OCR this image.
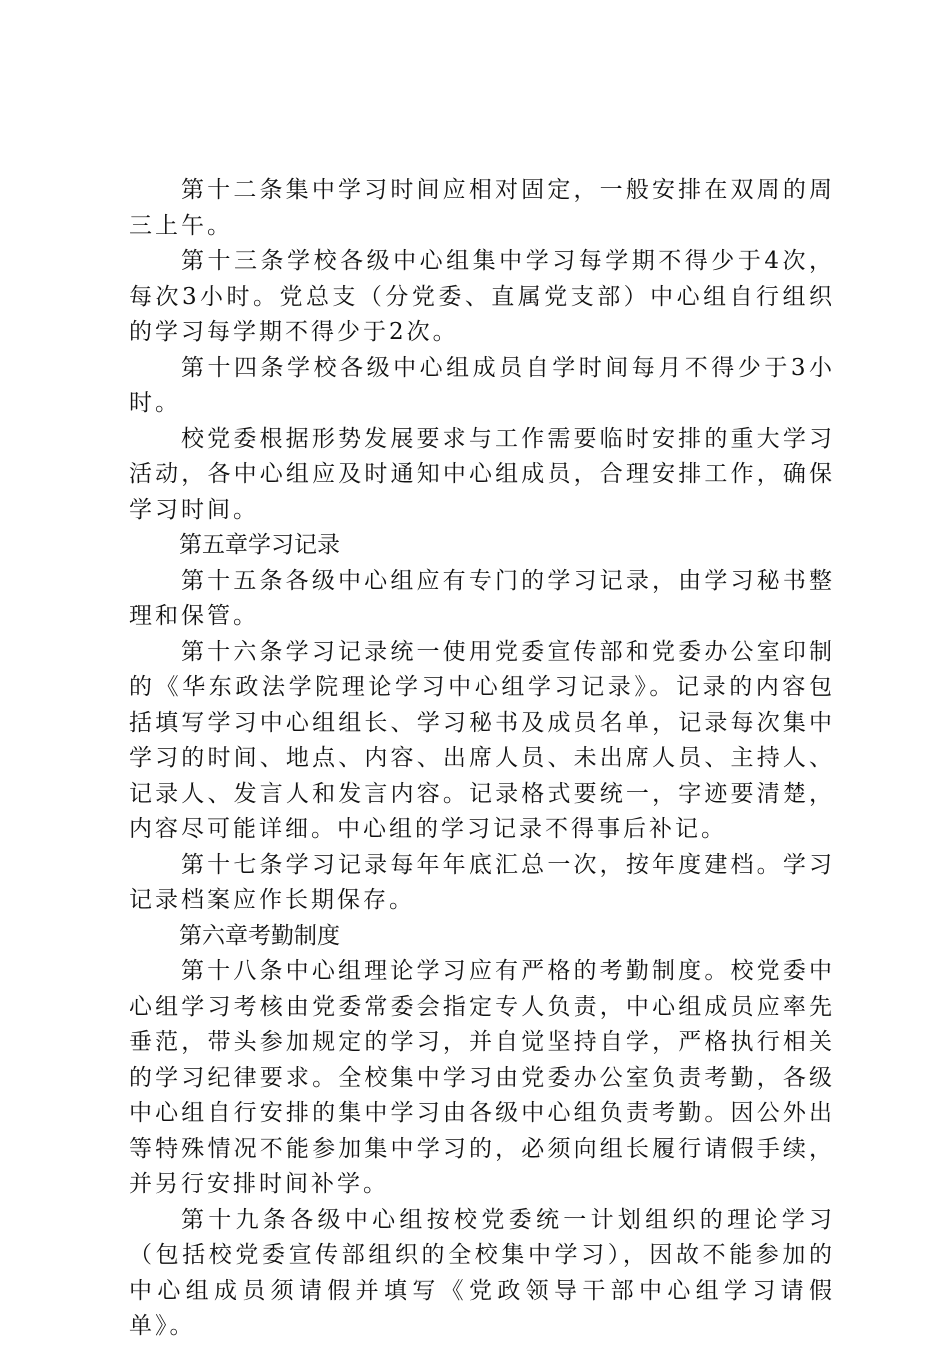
第十二条集中学习时间应相对固定，一般安排在双周的周三上午。

第十三条学校各级中心组集中学习每学期不得少于4次，每次3小时。党总支（分党委、直属党支部）中心组自行组织的学习每学期不得少于2次。

第十四条学校各级中心组成员自学时间每月不得少于3小时。

校党委根据形势发展要求与工作需要临时安排的重大学习活动，各中心组应及时通知中心组成员，合理安排工作，确保学习时间。

第五章学习记录

第十五条各级中心组应有专门的学习记录，由学习秘书整理和保管。

第十六条学习记录统一使用党委宣传部和党委办公室印制的《华东政法学院理论学习中心组学习记录》。记录的内容包括填写学习中心组组长、学习秘书及成员名单，记录每次集中学习的时间、地点、内容、出席人员、未出席人员、主持人、记录人、发言人和发言内容。记录格式要统一，字迹要清楚，内容尽可能详细。中心组的学习记录不得事后补记。

第十七条学习记录每年年底汇总一次，按年度建档。学习记录档案应作长期保存。

第六章考勤制度

第十八条中心组理论学习应有严格的考勤制度。校党委中心组学习考核由党委常委会指定专人负责，中心组成员应率先垂范，带头参加规定的学习，并自觉坚持自学，严格执行相关的学习纪律要求。全校集中学习由党委办公室负责考勤，各级中心组自行安排的集中学习由各级中心组负责考勤。因公外出等特殊情况不能参加集中学习的，必须向组长履行请假手续，并另行安排时间补学。

第十九条各级中心组按校党委统一计划组织的理论学习（包括校党委宣传部组织的全校集中学习），因故不能参加的中心组成员须请假并填写《党政领导干部中心组学习请假单》。
